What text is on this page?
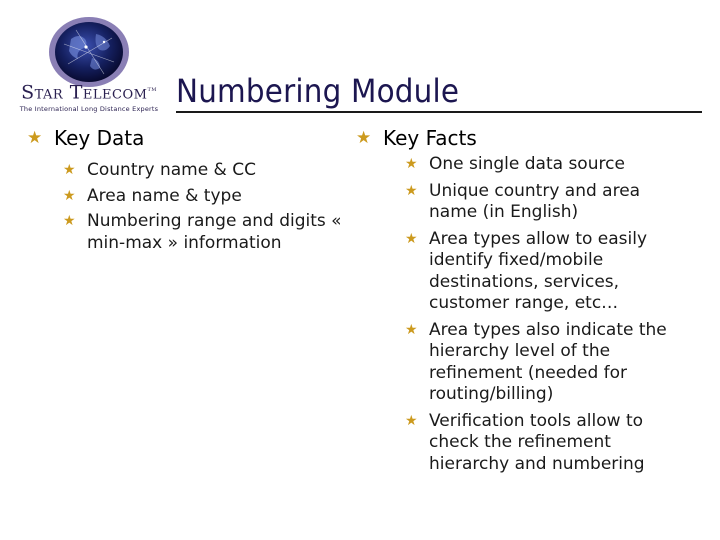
Star Telecom™
The International Long Distance Experts Numbering Module
★ Key Data
★ Country name & CC
★ Area name & type
★ Numbering range and digits « min-max » information
★ Key Facts
★ One single data source
★ Unique country and area name (in English)
★ Area types allow to easily identify fixed/mobile destinations, services, customer range, etc…
★ Area types also indicate the hierarchy level of the refinement (needed for routing/billing)
★ Verification tools allow to check the refinement hierarchy and numbering
